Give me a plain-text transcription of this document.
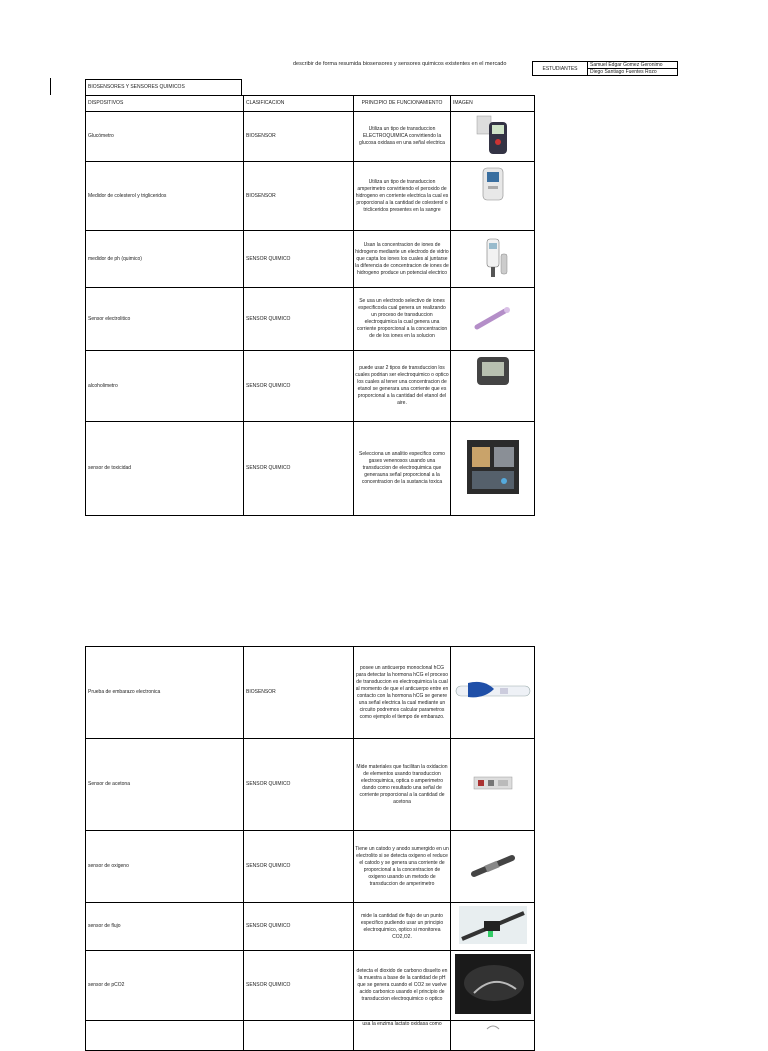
describir de forma resumida biosensores y sensores quimicos existentes en el mercado
ESTUDIANTES	Samuel Edgar Gomez Geronimo
Diego Santiago Fuentes Rozo
BIOSENSORES Y SENSORES QUIMICOS
DISPOSITIVOS	CLASIFICACION	PRINCIPIO DE FUNCIONAMIENTO	IMAGEN
Glucómetro	BIOSENSOR	Utiliza un tipo de transduccion ELECTROQUIMICA convirtiendo la glucosa oxidasa en una señal electrica	
Medidor de colesterol y trigliceridos	BIOSENSOR	Utiliza un tipo de transduccion amperimetro convirtiendo el peroxido de hidrogeno en corriente electrica la cual es proporcional a la cantidad de colesterol o tricliceridos presentes en la sangre	
medidor de ph (quimico)	SENSOR QUIMICO	Usan la concentracion de iones de hidrogeno mediante un electrodo de vidrio que capta los iones los cuales al juntarse la diferencia de concentracion de iones de hidrogeno produce un potencial electrico	
Sensor electrolitico	SENSOR QUIMICO	Se usa un electrodo selectivo de iones especificoxla cual genera un realizando un proceso de transduccion electroquimica la cual genera una corriente proporcional a la concentracion de de los iones en la solucion	
alcoholimetro	SENSOR QUIMICO	puede usar 2 tipos de transduccion los cuales podrian ser electroquimico o optico los cuales al tener una concentracion de etanol se generara una corriente que es proporcional a la cantidad del etanol del aire.	
sensor de toxicidad	SENSOR QUIMICO	Selecciona un analitio especifico como gases venenosos usando una transduccion de electroquimica que generauna señal proporcional a la concentracion de la sustancia toxica	
Prueba de embarazo electronica	BIOSENSOR	posee un anticuerpo monoclonal hCG para detectar la hormona hCG el proceso de transduccion es electroquimica la cual al momento de que el anticuerpo entre en contacto con la hormona hCG se genere una señal electrica la cual mediante un circuito podremos calcular parametros como ejemplo el tiempo de embarazo.	
Sensor de acetona	SENSOR QUIMICO	Mide materiales que facilitan la oxidacion de elementos usando transduccion electroquimica, optica o amperimetro dando como resultado una señal de corriente proporcional a la cantidad de acetona	
sensor de oxigeno	SENSOR QUIMICO	Tiene un catodo y anodo sumergido en un electrolito si se detecta oxigeno el reduce el catodo y se genera una corriente de proporcional a la concentracion de oxigeno usando un metodo de transduccion de amperimetro	
sensor de flujo	SENSOR QUIMICO	mide la cantidad de flujo de un punto especifico pudiendo usar un principio electroquimico, optico si monitorea CO2,O2.	
sensor de pCO2	SENSOR QUIMICO	detecta el dioxido de carbono disuelto en la muestra a base de la cantidad de pH que se genera cuando el CO2 se vuelve acido carbonico usando el principio de transduccion electroquimico o optico	
		usa la enzima lactato oxidasa como	
